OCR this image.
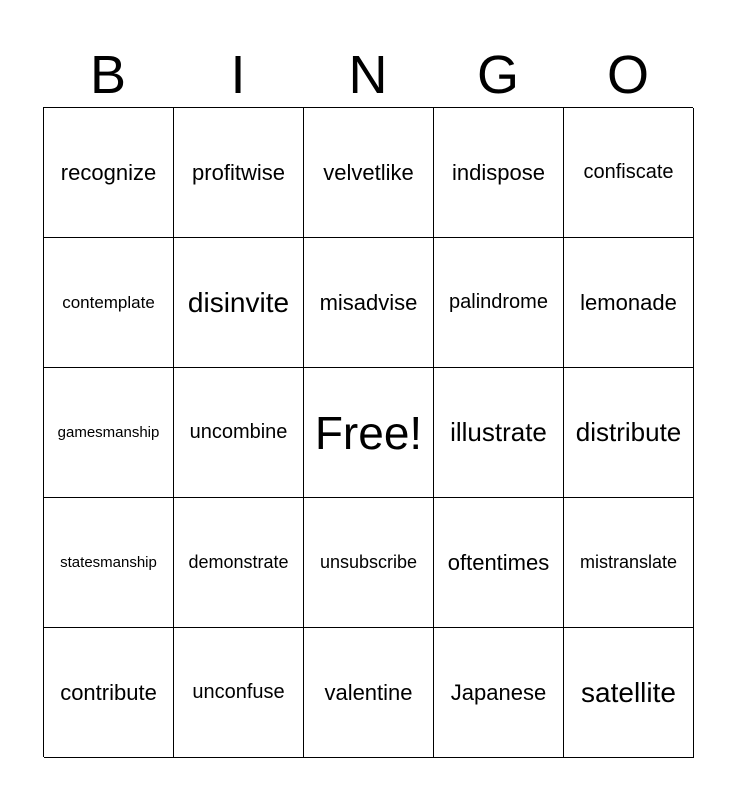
B	I	N	G	O
recognize profitwise velvetlike indispose confiscate
contemplate disinvite misadvise palindrome lemonade
gamesmanship uncombine Free! illustrate distribute
statesmanship demonstrate unsubscribe oftentimes mistranslate
contribute unconfuse valentine Japanese satellite
